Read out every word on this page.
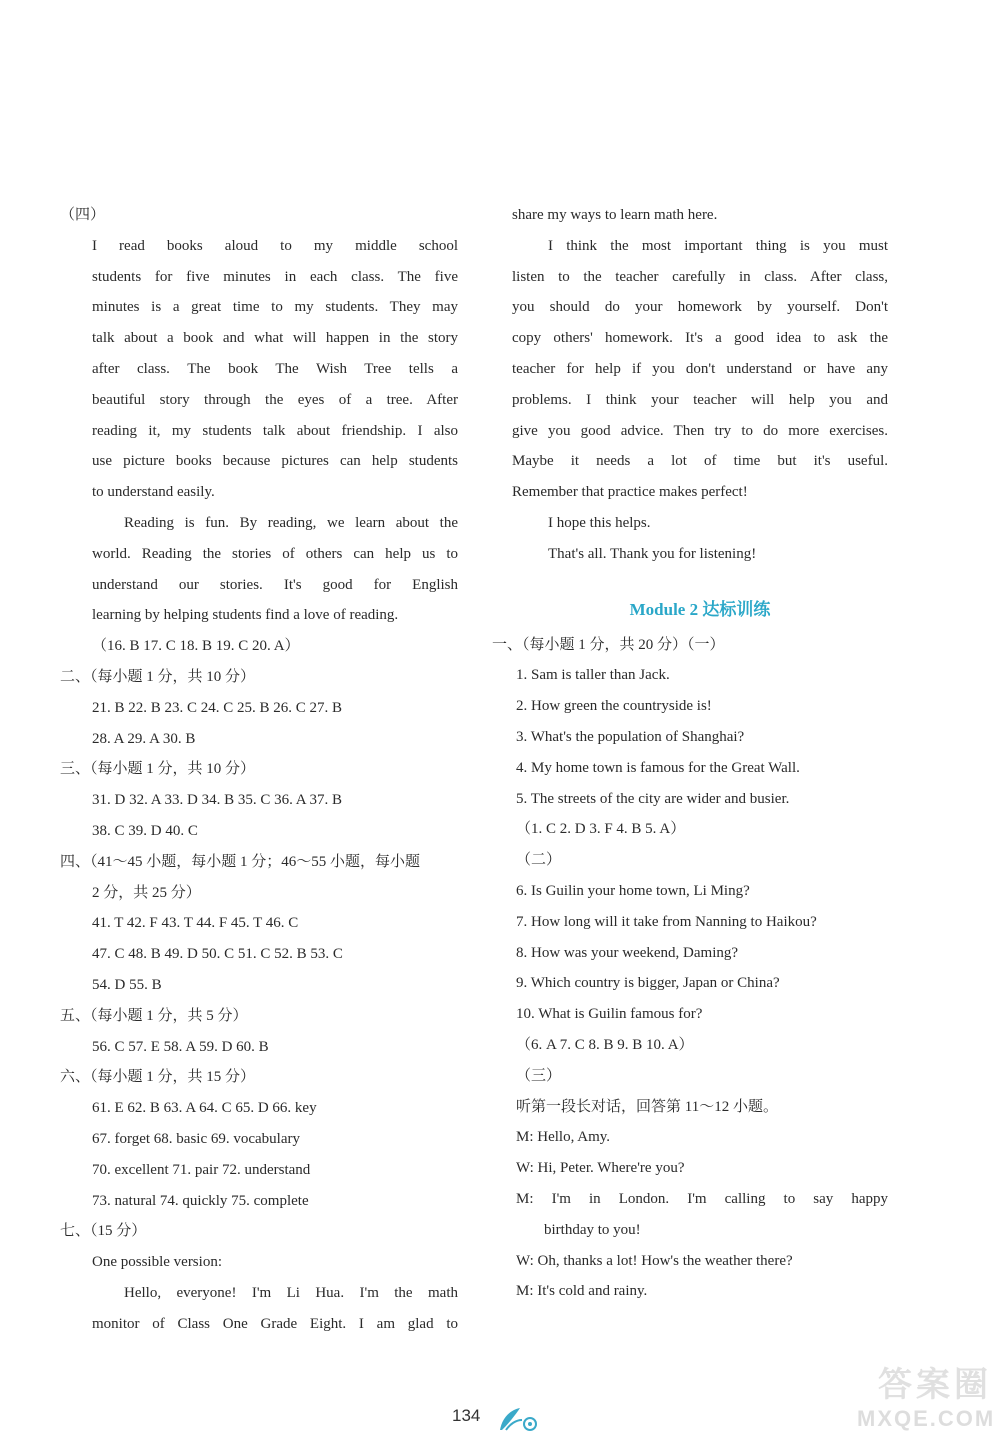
（四）
I read books aloud to my middle school
students for five minutes in each class. The five
minutes is a great time to my students. They may
talk about a book and what will happen in the story
after class. The book The Wish Tree tells a
beautiful story through the eyes of a tree. After
reading it, my students talk about friendship. I also
use picture books because pictures can help students
to understand easily.
Reading is fun. By reading, we learn about the
world. Reading the stories of others can help us to
understand our stories. It's good for English
learning by helping students find a love of reading.
（16. B 17. C 18. B 19. C 20. A）
二、（每小题 1 分，共 10 分）
21. B 22. B 23. C 24. C 25. B 26. C 27. B
28. A 29. A 30. B
三、（每小题 1 分，共 10 分）
31. D 32. A 33. D 34. B 35. C 36. A 37. B
38. C 39. D 40. C
四、（41～45 小题，每小题 1 分；46～55 小题，每小题
2 分，共 25 分）
41. T 42. F 43. T 44. F 45. T 46. C
47. C 48. B 49. D 50. C 51. C 52. B 53. C
54. D 55. B
五、（每小题 1 分，共 5 分）
56. C 57. E 58. A 59. D 60. B
六、（每小题 1 分，共 15 分）
61. E 62. B 63. A 64. C 65. D 66. key
67. forget 68. basic 69. vocabulary
70. excellent 71. pair 72. understand
73. natural 74. quickly 75. complete
七、（15 分）
One possible version:
Hello, everyone! I'm Li Hua. I'm the math
monitor of Class One Grade Eight. I am glad to
share my ways to learn math here.
I think the most important thing is you must
listen to the teacher carefully in class. After class,
you should do your homework by yourself. Don't
copy others' homework. It's a good idea to ask the
teacher for help if you don't understand or have any
problems. I think your teacher will help you and
give you good advice. Then try to do more exercises.
Maybe it needs a lot of time but it's useful.
Remember that practice makes perfect!
I hope this helps.
That's all. Thank you for listening!
Module 2 达标训练
一、（每小题 1 分，共 20 分）（一）
1. Sam is taller than Jack.
2. How green the countryside is!
3. What's the population of Shanghai?
4. My home town is famous for the Great Wall.
5. The streets of the city are wider and busier.
（1. C 2. D 3. F 4. B 5. A）
（二）
6. Is Guilin your home town, Li Ming?
7. How long will it take from Nanning to Haikou?
8. How was your weekend, Daming?
9. Which country is bigger, Japan or China?
10. What is Guilin famous for?
（6. A 7. C 8. B 9. B 10. A）
（三）
听第一段长对话，回答第 11～12 小题。
M: Hello, Amy.
W: Hi, Peter. Where're you?
M: I'm in London. I'm calling to say happy
birthday to you!
W: Oh, thanks a lot! How's the weather there?
M: It's cold and rainy.
134
答案圈
MXQE.COM
